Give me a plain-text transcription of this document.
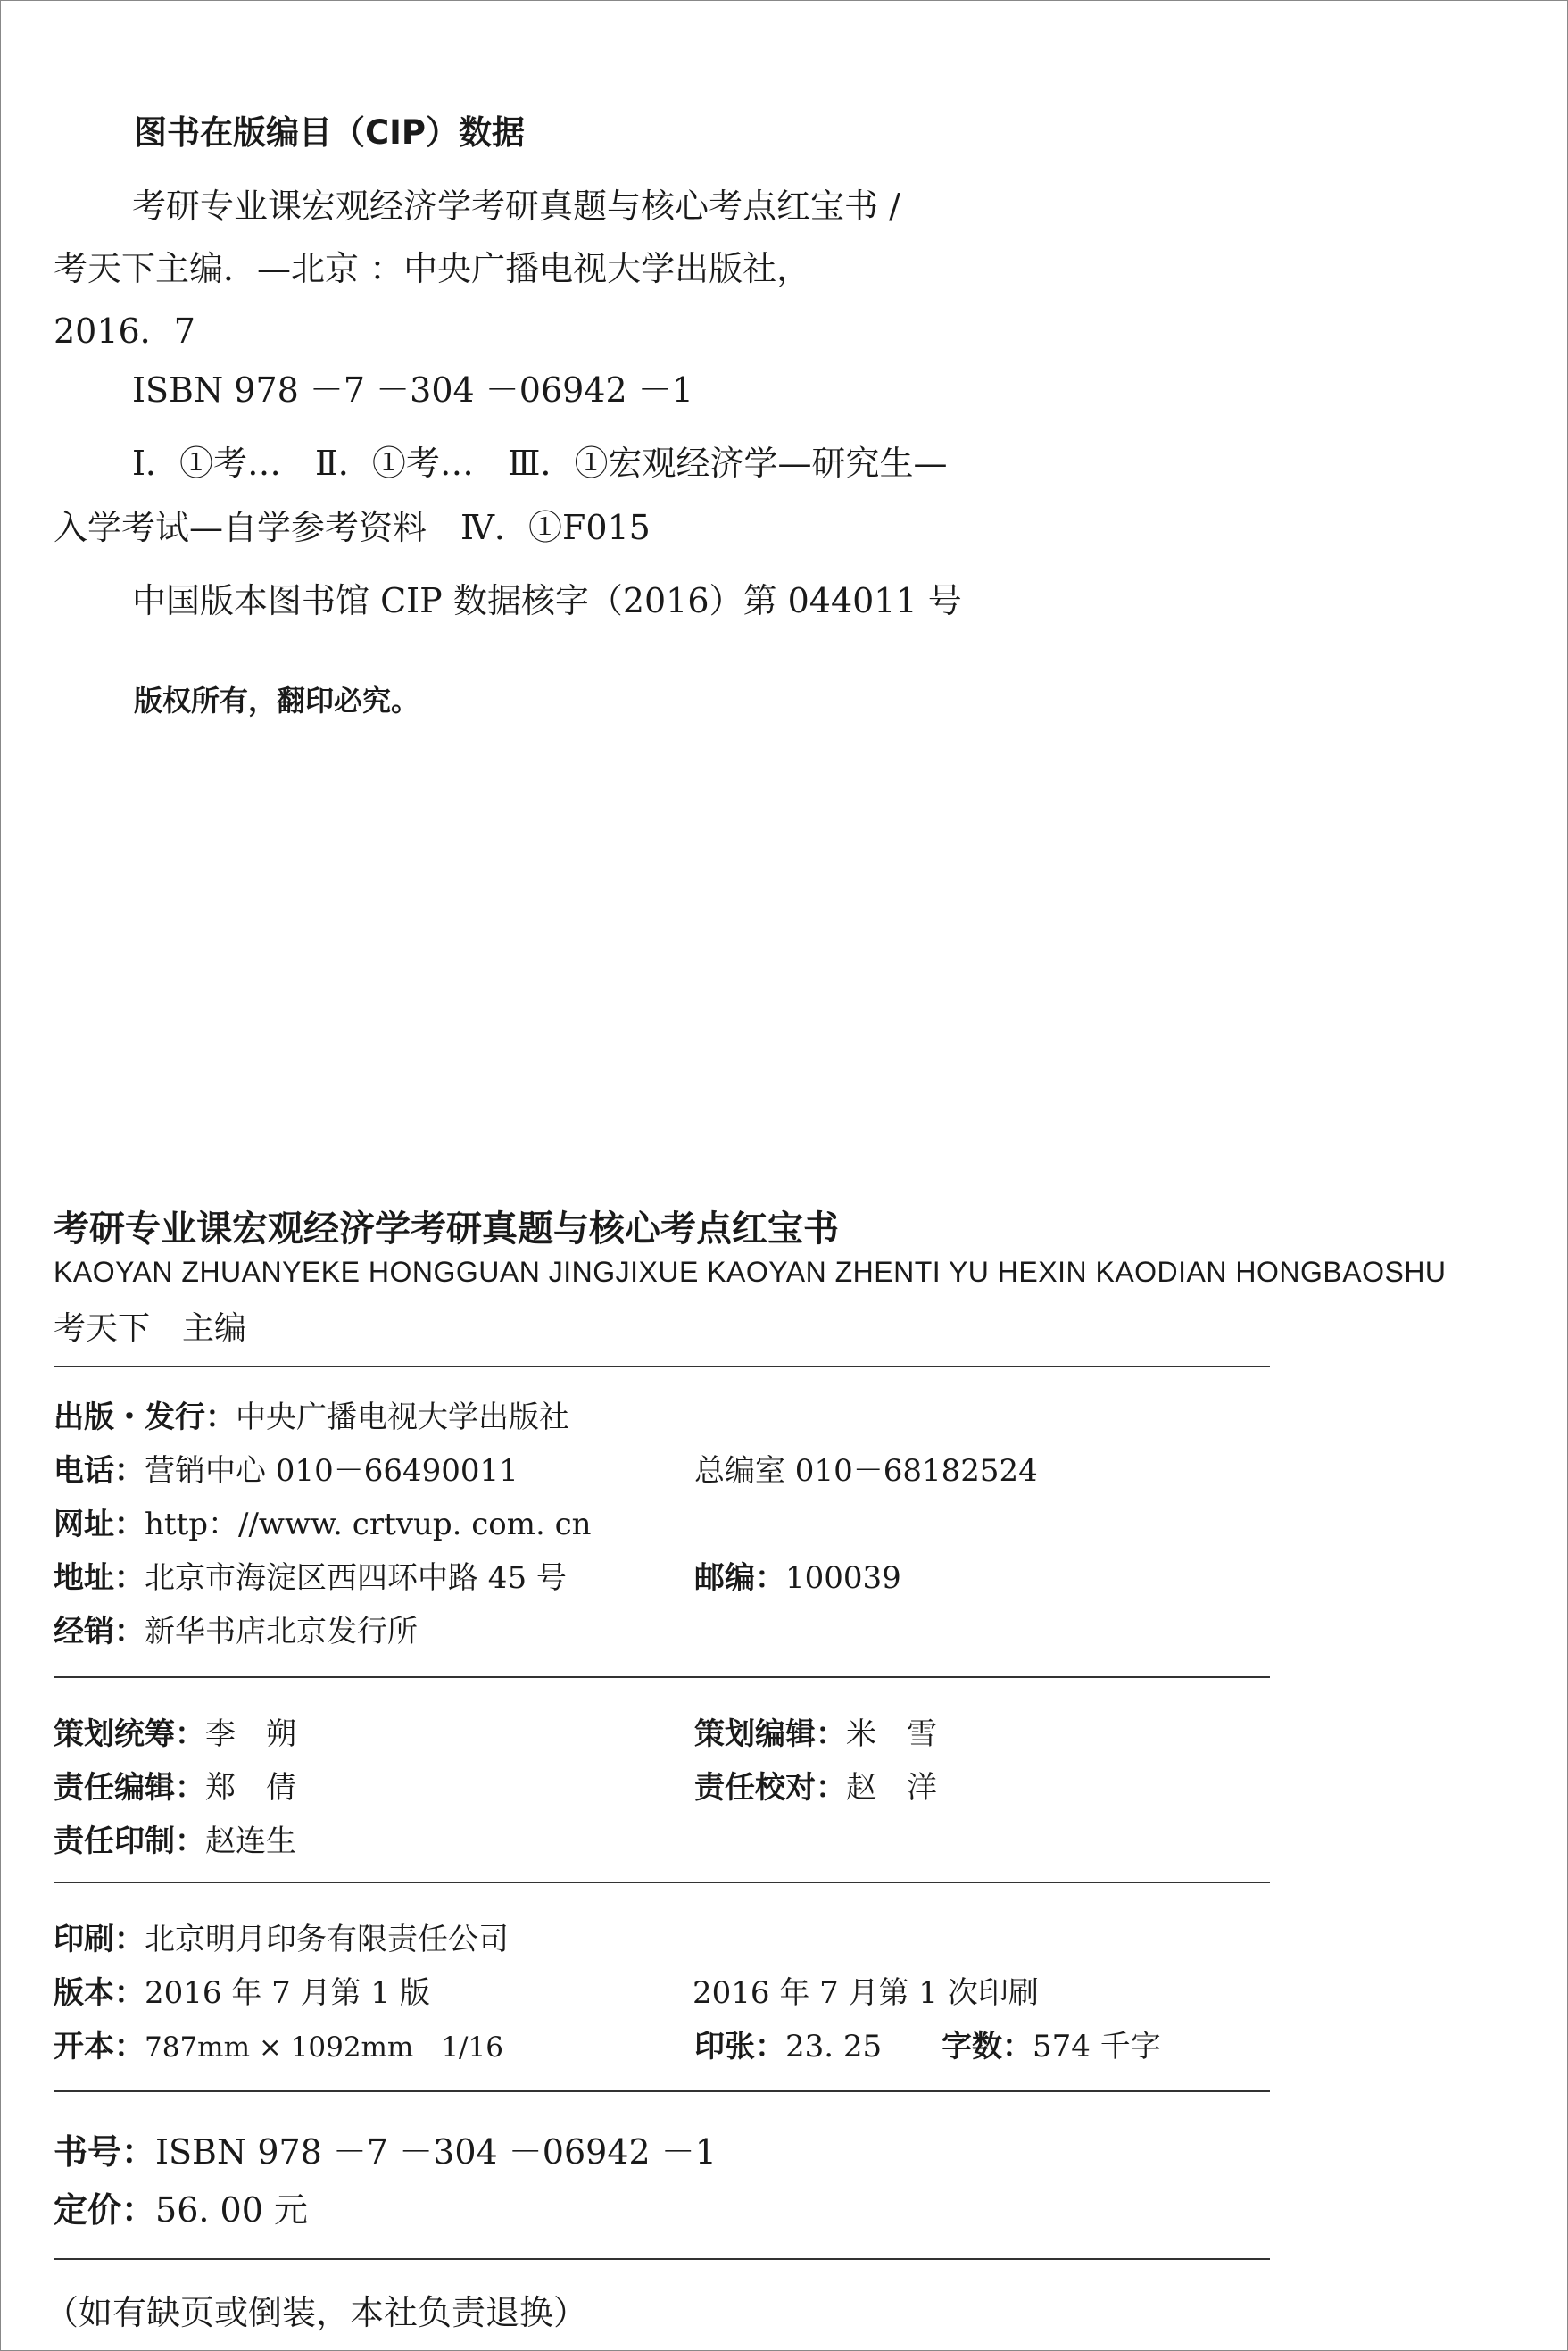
图书在版编目（CIP）数据
考研专业课宏观经济学考研真题与核心考点红宝书 /
考天下主编．—北京 ：中央广播电视大学出版社，
2016．7
ISBN 978 －7 －304 －06942 －1
Ⅰ．①考…　Ⅱ．①考…　Ⅲ．①宏观经济学—研究生—
入学考试—自学参考资料　Ⅳ．①F015
中国版本图书馆 CIP 数据核字（2016）第 044011 号
版权所有，翻印必究。
考研专业课宏观经济学考研真题与核心考点红宝书
KAOYAN ZHUANYEKE HONGGUAN JINGJIXUE KAOYAN ZHENTI YU HEXIN KAODIAN HONGBAOSHU
考天下　主编
出版・发行：中央广播电视大学出版社
电话：营销中心 010－66490011	总编室 010－68182524
网址：http：//www. crtvup. com. cn
地址：北京市海淀区西四环中路 45 号	邮编：100039
经销：新华书店北京发行所
策划统筹：李　朔	策划编辑：米　雪
责任编辑：郑　倩	责任校对：赵　洋
责任印制：赵连生
印刷：北京明月印务有限责任公司
版本：2016 年 7 月第 1 版	2016 年 7 月第 1 次印刷
开本：787mm × 1092mm　1/16	印张：23. 25 字数：574 千字
书号：ISBN 978 －7 －304 －06942 －1
定价：56. 00 元
（如有缺页或倒装，本社负责退换）
